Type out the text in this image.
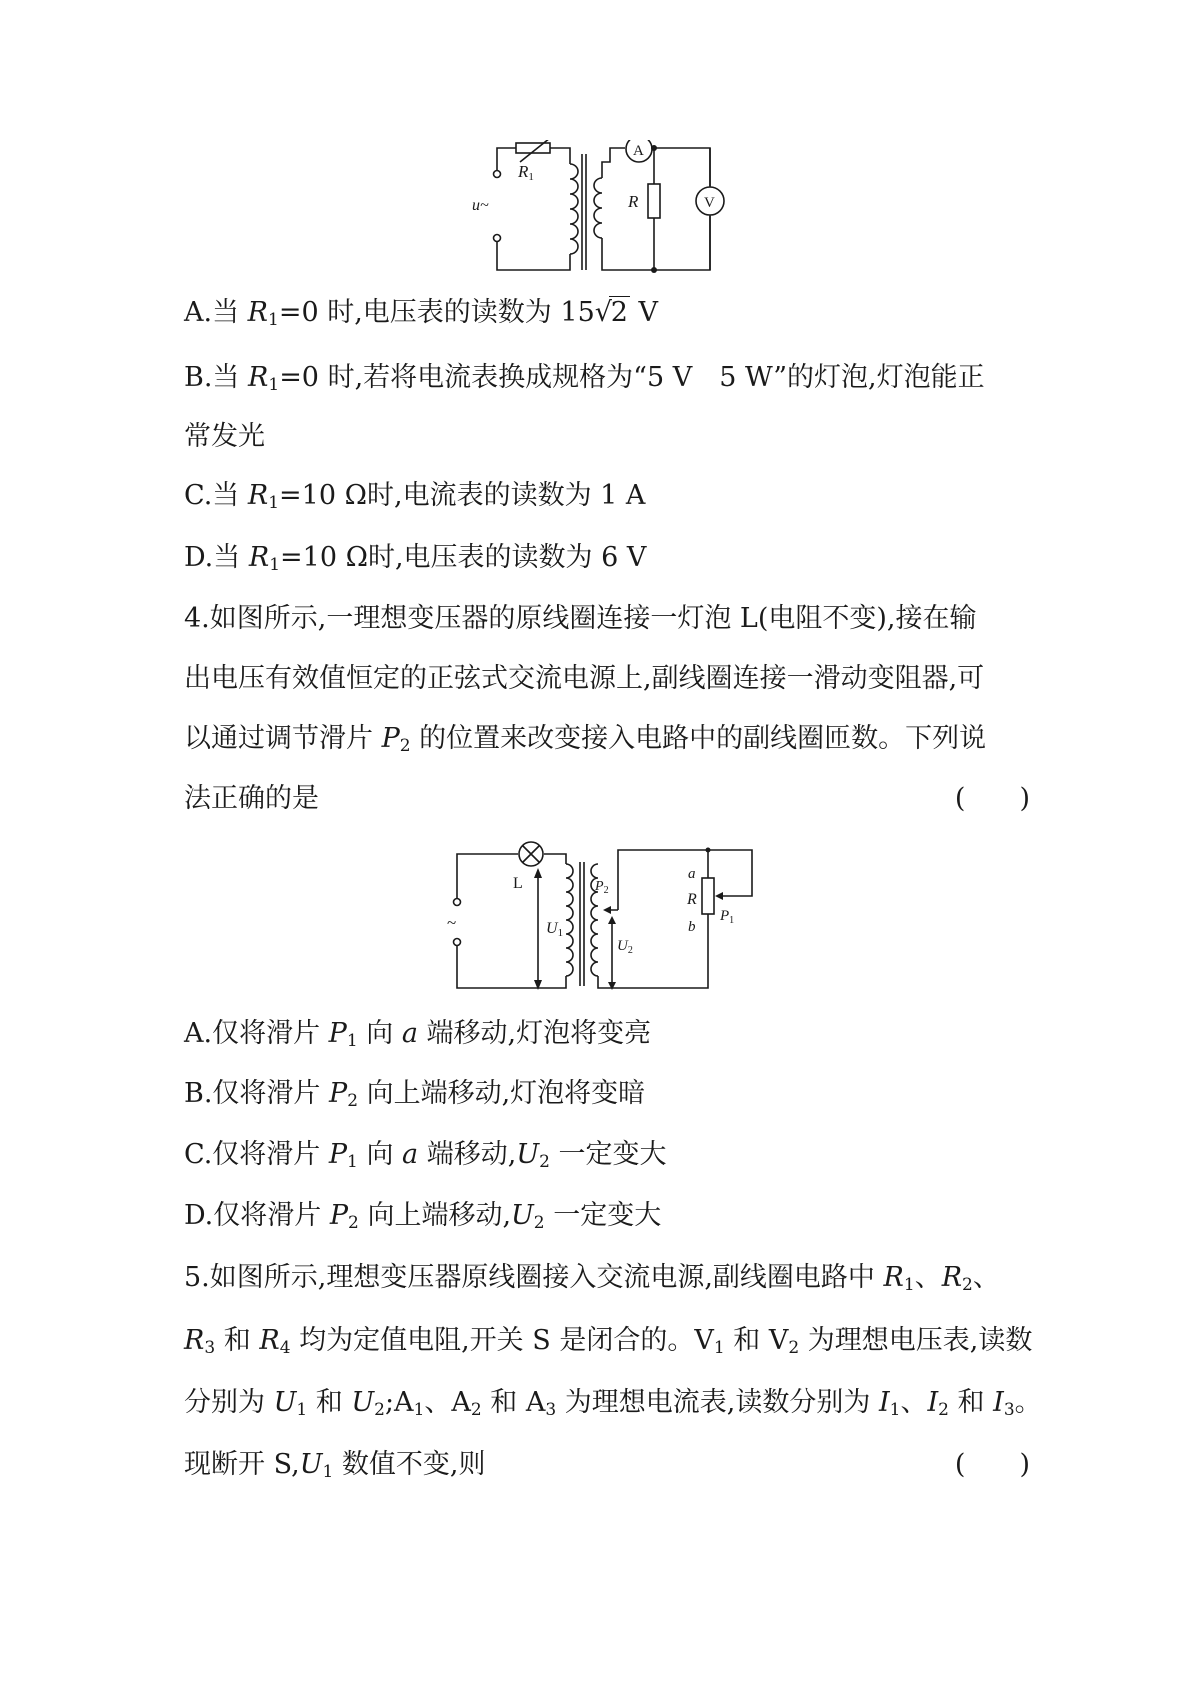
R1
u~
A
R	V
A.当 $R_1=0$ 时,电压表的读数为 15 √
2 V
B.当 $R_1=0$ 时,若将电流表换成规格为“5 V　5 W”的灯泡,灯泡能正
常发光
C.当 $R_1=10$ Ω时,电流表的读数为 1 A
D.当 $R_1=10$ Ω时,电压表的读数为 6 V
4.如图所示,一理想变压器的原线圈连接一灯泡 L(电阻不变),接在输
出电压有效值恒定的正弦式交流电源上,副线圈连接一滑动变阻器,可
以通过调节滑片 $P_2$ 的位置来改变接入电路中的副线圈匝数。下列说
法正确的是	(　　)
~
L
U1
$P_2$
$U_2$
a
R
b
$P_1$
A.仅将滑片 $P_1$ 向 a 端移动,灯泡将变亮
B.仅将滑片 $P_2$ 向上端移动,灯泡将变暗
C.仅将滑片 $P_1$ 向 a 端移动$,U_2$ 一定变大
D.仅将滑片 $P_2$ 向上端移动$,U_2$ 一定变大
5.如图所示,理想变压器原线圈接入交流电源,副线圈电路中 $R_1$、$R_2$、
$R_3$ 和 $R_4$ 均为定值电阻,开关 S 是闭合的。$V_1$ 和 $V_2$ 为理想电压表,读数
分别为 $U_1$ 和 $U_2;A_1$、$A_2$ 和 $A_3$ 为理想电流表,读数分别为 $I_1$、$I_2$ 和 $I_3$。
现断开 $S,U_1$ 数值不变,则	(　　)
